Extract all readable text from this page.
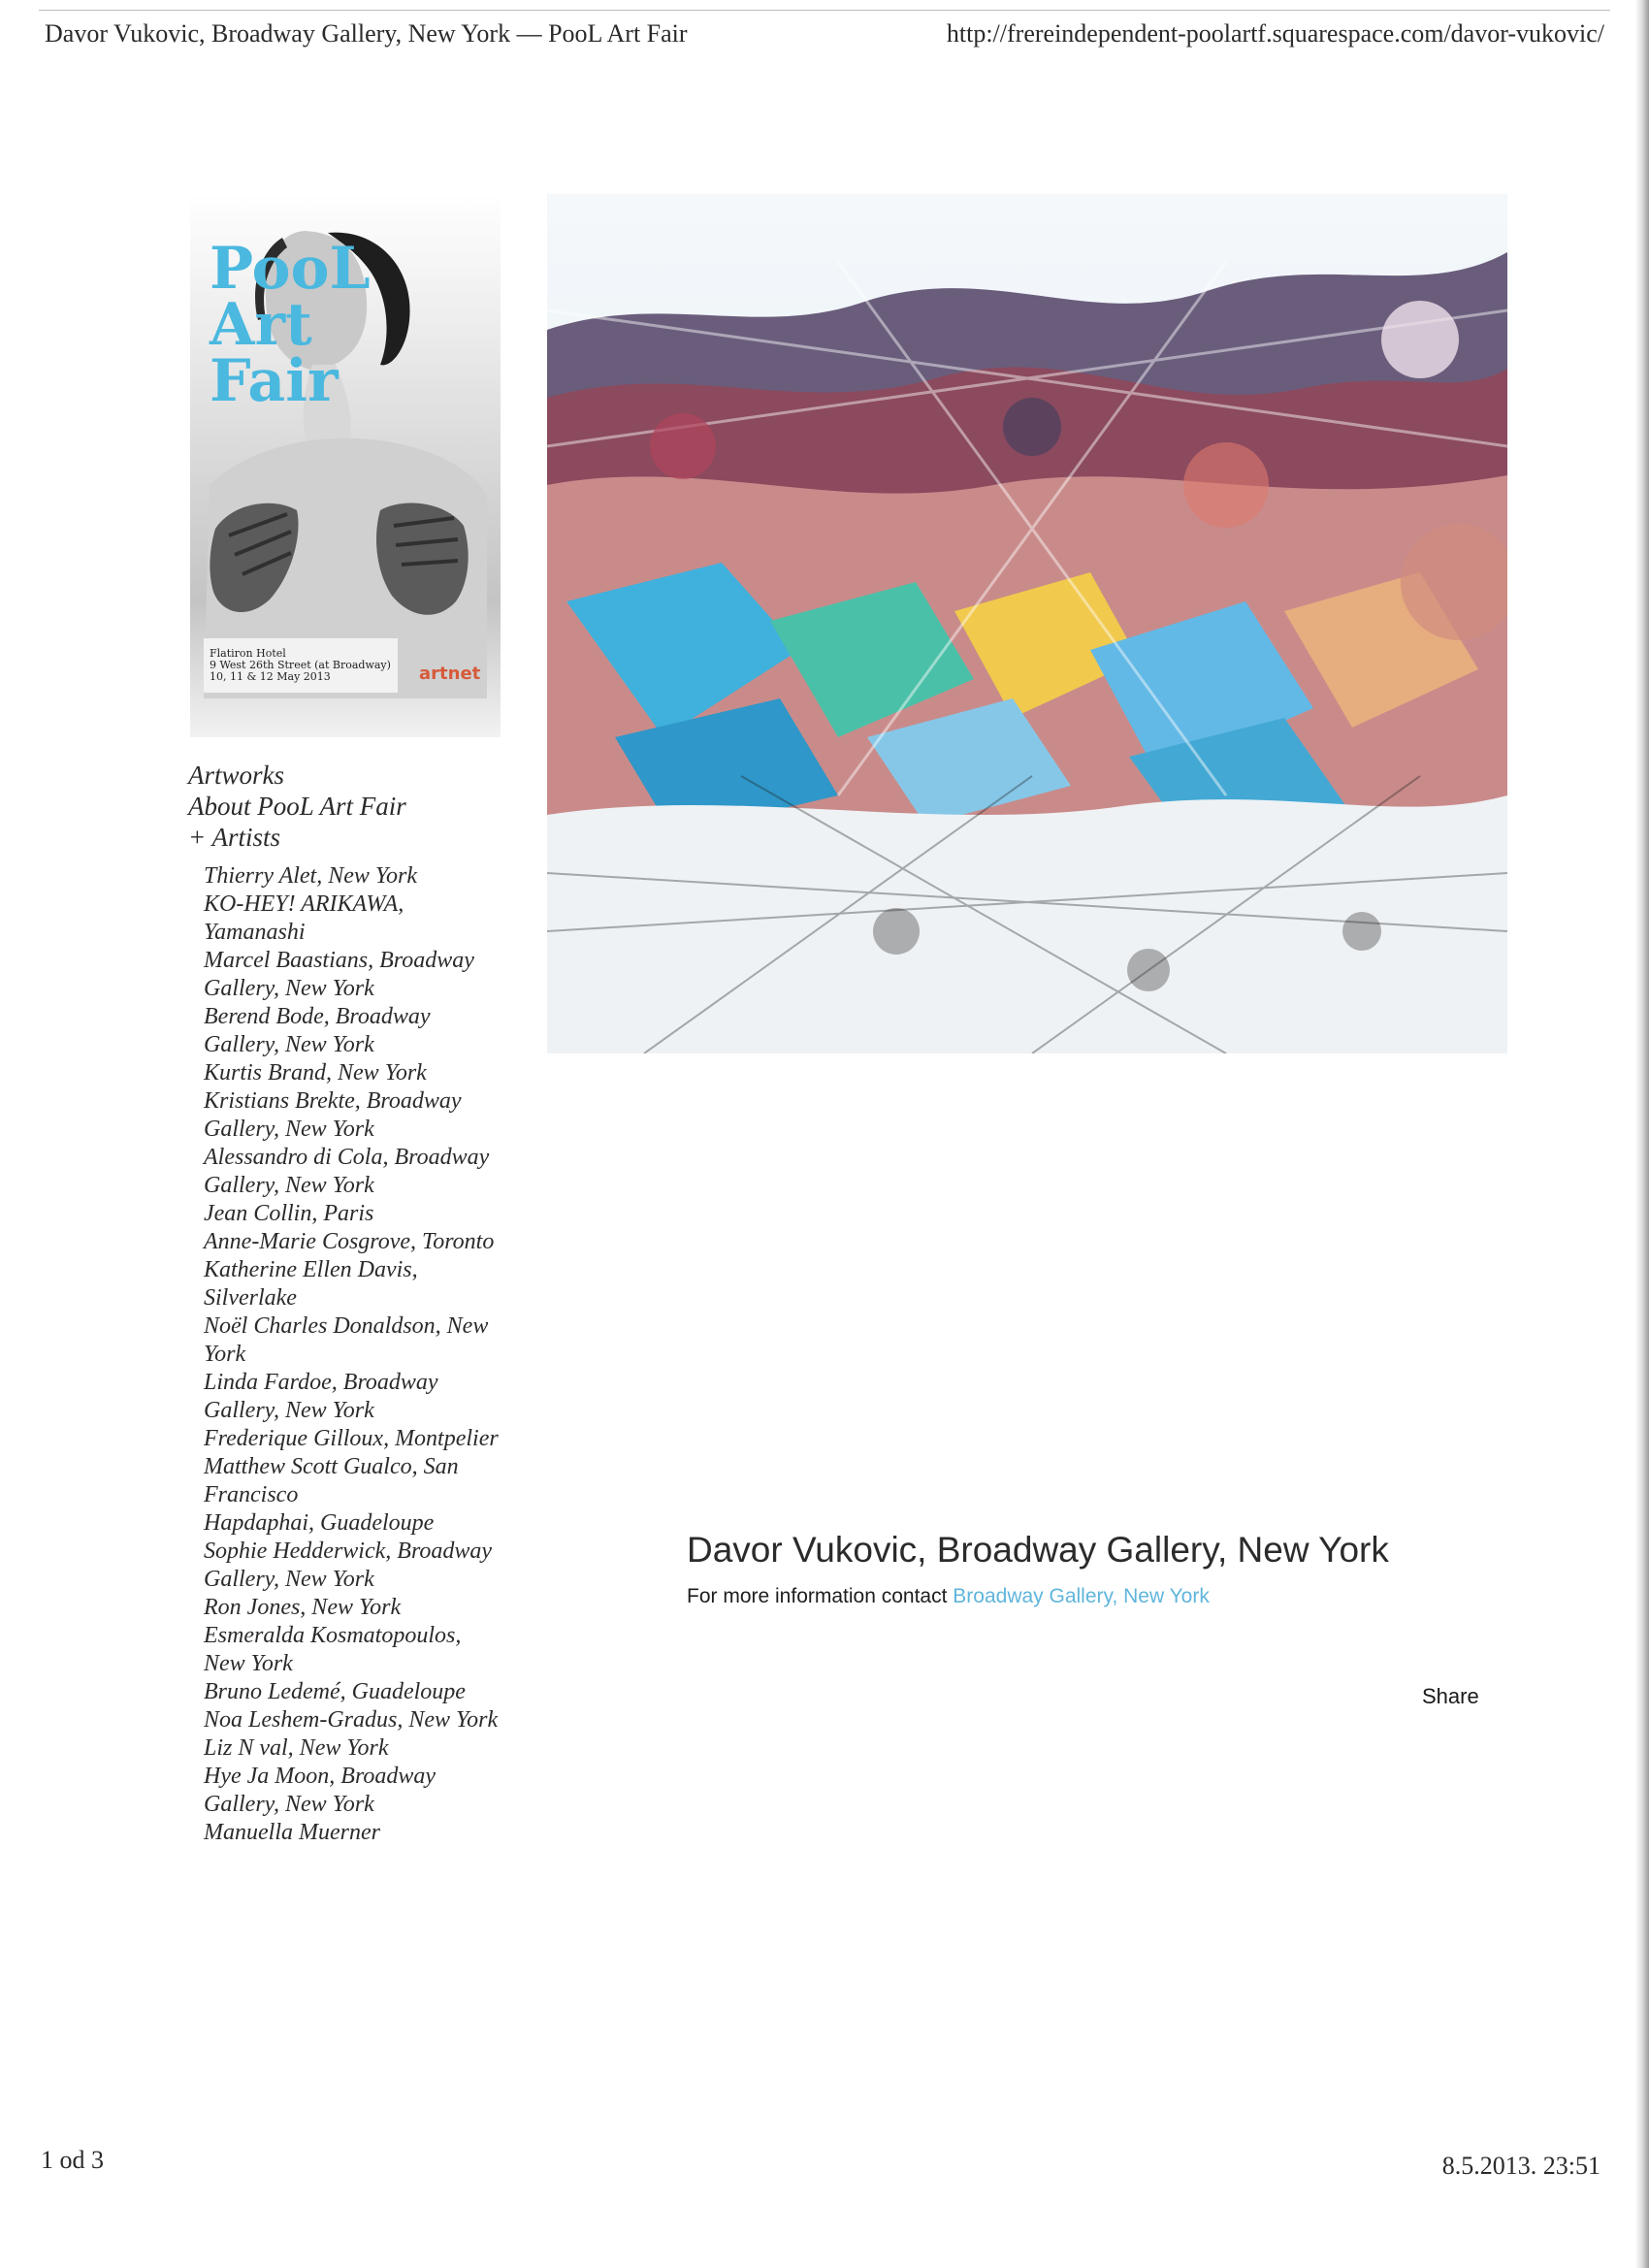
Davor Vukovic, Broadway Gallery, New York — PooL Art Fair	http://frereindependent-poolartf.squarespace.com/davor-vukovic/
PooL
Art
Fair
Flatiron Hotel
9 West 26th Street (at Broadway)
10, 11 & 12 May 2013	artnet
Artworks
About PooL Art Fair
+ Artists
Thierry Alet, New York
KO-HEY! ARIKAWA, Yamanashi
Marcel Baastians, Broadway Gallery, New York
Berend Bode, Broadway Gallery, New York
Kurtis Brand, New York
Kristians Brekte, Broadway Gallery, New York
Alessandro di Cola, Broadway Gallery, New York
Jean Collin, Paris
Anne-Marie Cosgrove, Toronto
Katherine Ellen Davis, Silverlake
Noël Charles Donaldson, New York
Linda Fardoe, Broadway Gallery, New York
Frederique Gilloux, Montpelier
Matthew Scott Gualco, San Francisco
Hapdaphai, Guadeloupe
Sophie Hedderwick, Broadway Gallery, New York
Ron Jones, New York
Esmeralda Kosmatopoulos, New York
Bruno Ledemé, Guadeloupe
Noa Leshem-Gradus, New York
Liz N val, New York
Hye Ja Moon, Broadway Gallery, New York
Manuella Muerner
Davor Vukovic, Broadway Gallery, New York
For more information contact Broadway Gallery, New York
Share
1 od 3	8.5.2013. 23:51
